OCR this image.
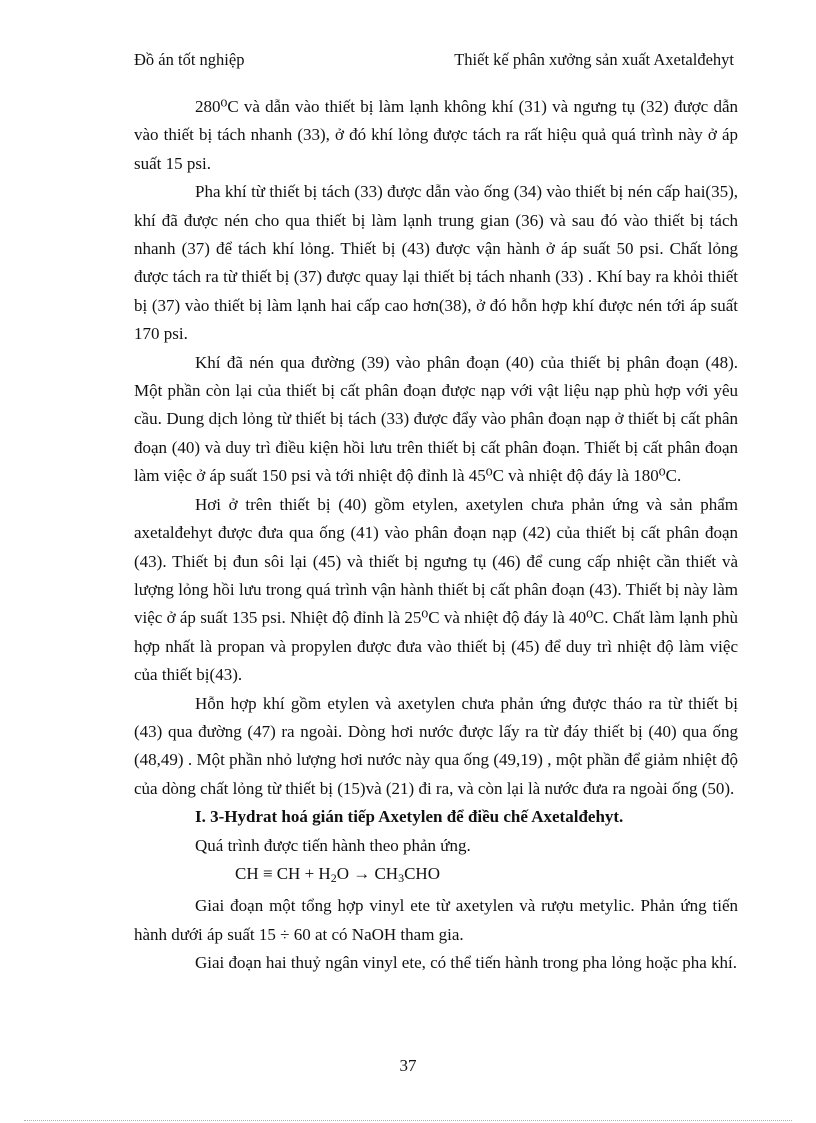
Đồ án tốt nghiệp	Thiết kế phân xưởng sản xuất Axetalđehyt

280⁰C và dẫn vào thiết bị làm lạnh không khí (31) và ngưng tụ (32) được dẫn vào thiết bị tách nhanh (33), ở đó khí lỏng được tách ra rất hiệu quả quá trình này ở áp suất 15 psi.

Pha khí từ thiết bị tách (33) được dẫn vào ống (34) vào thiết bị nén cấp hai(35), khí đã được nén cho qua thiết bị làm lạnh trung gian (36) và sau đó vào thiết bị tách nhanh (37) để tách khí lỏng. Thiết bị (43) được vận hành ở áp suất 50 psi. Chất lỏng được tách ra từ thiết bị (37) được quay lại thiết bị tách nhanh (33) . Khí bay ra khỏi thiết bị (37) vào thiết bị làm lạnh hai cấp cao hơn(38), ở đó hỗn hợp khí được nén tới áp suất 170 psi.

Khí đã nén qua đường (39) vào phân đoạn (40) của thiết bị phân đoạn (48). Một phần còn lại của thiết bị cất phân đoạn được nạp với vật liệu nạp phù hợp với yêu cầu. Dung dịch lỏng từ thiết bị tách (33) được đẩy vào phân đoạn nạp ở thiết bị cất phân đoạn (40) và duy trì điều kiện hồi lưu trên thiết bị cất phân đoạn. Thiết bị cất phân đoạn làm việc ở áp suất 150 psi và tới nhiệt độ đỉnh là 45⁰C và nhiệt độ đáy là 180⁰C.

Hơi ở trên thiết bị (40) gồm etylen, axetylen chưa phản ứng và sản phẩm axetalđehyt được đưa qua ống (41) vào phân đoạn nạp (42) của thiết bị cất phân đoạn (43). Thiết bị đun sôi lại (45) và thiết bị ngưng tụ (46) để cung cấp nhiệt cần thiết và lượng lỏng hồi lưu trong quá trình vận hành thiết bị cất phân đoạn (43). Thiết bị này làm việc ở áp suất 135 psi. Nhiệt độ đỉnh là 25⁰C và nhiệt độ đáy là 40⁰C. Chất làm lạnh phù hợp nhất là propan và propylen được đưa vào thiết bị (45) để duy trì nhiệt độ làm việc của thiết bị(43).

Hỗn hợp khí gồm etylen và axetylen chưa phản ứng được tháo ra từ thiết bị (43) qua đường (47) ra ngoài. Dòng hơi nước được lấy ra từ đáy thiết bị (40) qua ống (48,49) . Một phần nhỏ lượng hơi nước này qua ống (49,19) , một phần để giảm nhiệt độ của dòng chất lỏng từ thiết bị (15)và (21) đi ra, và còn lại là nước đưa ra ngoài ống (50).

I. 3-Hydrat hoá gián tiếp Axetylen để điều chế Axetalđehyt.

Quá trình được tiến hành theo phản ứng.

CH ≡ CH + H2O → CH3CHO

Giai đoạn một tổng hợp vinyl ete từ axetylen và rượu metylic. Phản ứng tiến hành dưới áp suất 15 ÷ 60 at có NaOH tham gia.

Giai đoạn hai thuỷ ngân vinyl ete, có thể tiến hành trong pha lỏng hoặc pha khí.

37
